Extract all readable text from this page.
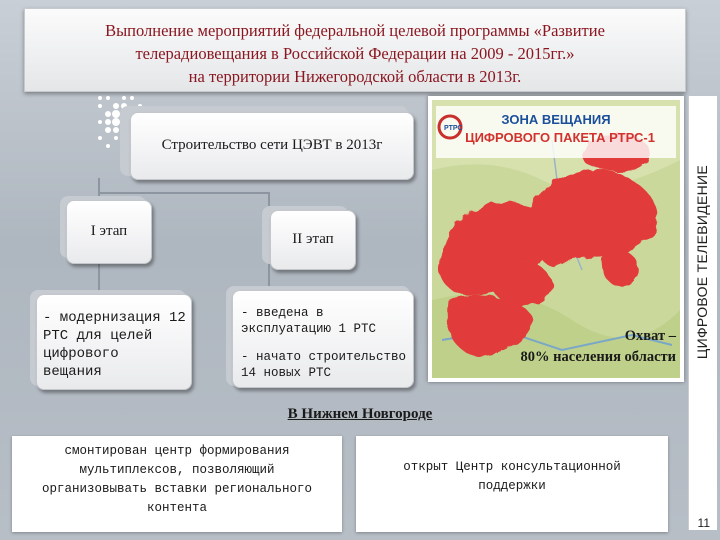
Выполнение мероприятий федеральной целевой программы «Развитие
телерадиовещания в Российской Федерации на 2009 - 2015гг.»
на территории Нижегородской области в 2013г.
ЦИФРОВОЕ ТЕЛЕВИДЕНИЕ
Строительство сети ЦЭВТ в 2013г
I этап	II этап
- модернизация 12
РТС для целей
цифрового
вещания
- введена в
эксплуатацию 1 РТС
- начато строительство
14 новых РТС
РТРС
ЗОНА ВЕЩАНИЯ
ЦИФРОВОГО ПАКЕТА РТРС-1
Охват –
80% населения области
В Нижнем Новгороде
смонтирован центр формирования
мультиплексов, позволяющий
организовывать вставки регионального
контента
открыт Центр консультационной
поддержки
11
